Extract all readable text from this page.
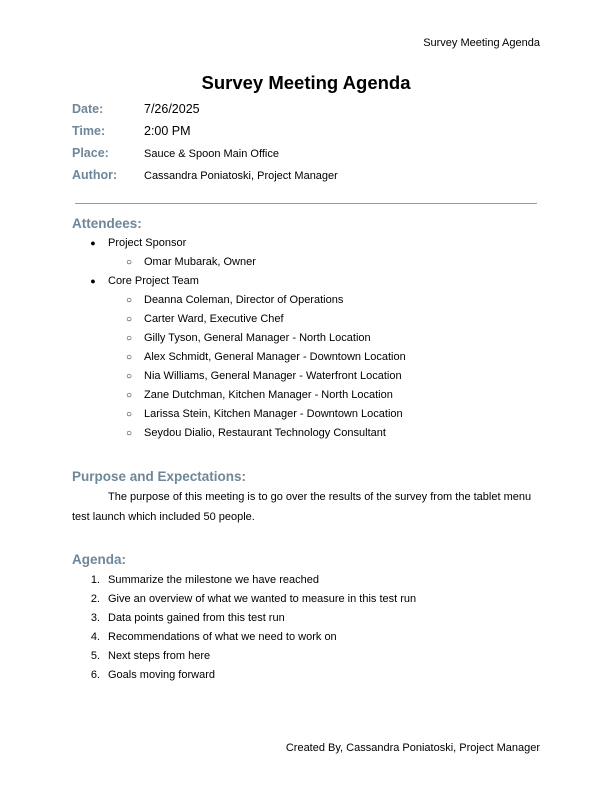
Survey Meeting Agenda
Survey Meeting Agenda
Date:	7/26/2025
Time:	2:00 PM
Place:	Sauce & Spoon Main Office
Author:	Cassandra Poniatoski, Project Manager
Attendees:
● Project Sponsor
○ Omar Mubarak, Owner
● Core Project Team
○ Deanna Coleman, Director of Operations
○ Carter Ward, Executive Chef
○ Gilly Tyson, General Manager - North Location
○ Alex Schmidt, General Manager - Downtown Location
○ Nia Williams, General Manager - Waterfront Location
○ Zane Dutchman, Kitchen Manager - North Location
○ Larissa Stein, Kitchen Manager - Downtown Location
○ Seydou Dialio, Restaurant Technology Consultant
Purpose and Expectations:
The purpose of this meeting is to go over the results of the survey from the tablet menu test launch which included 50 people.
Agenda:
1. Summarize the milestone we have reached
2. Give an overview of what we wanted to measure in this test run
3. Data points gained from this test run
4. Recommendations of what we need to work on
5. Next steps from here
6. Goals moving forward
Created By, Cassandra Poniatoski, Project Manager
